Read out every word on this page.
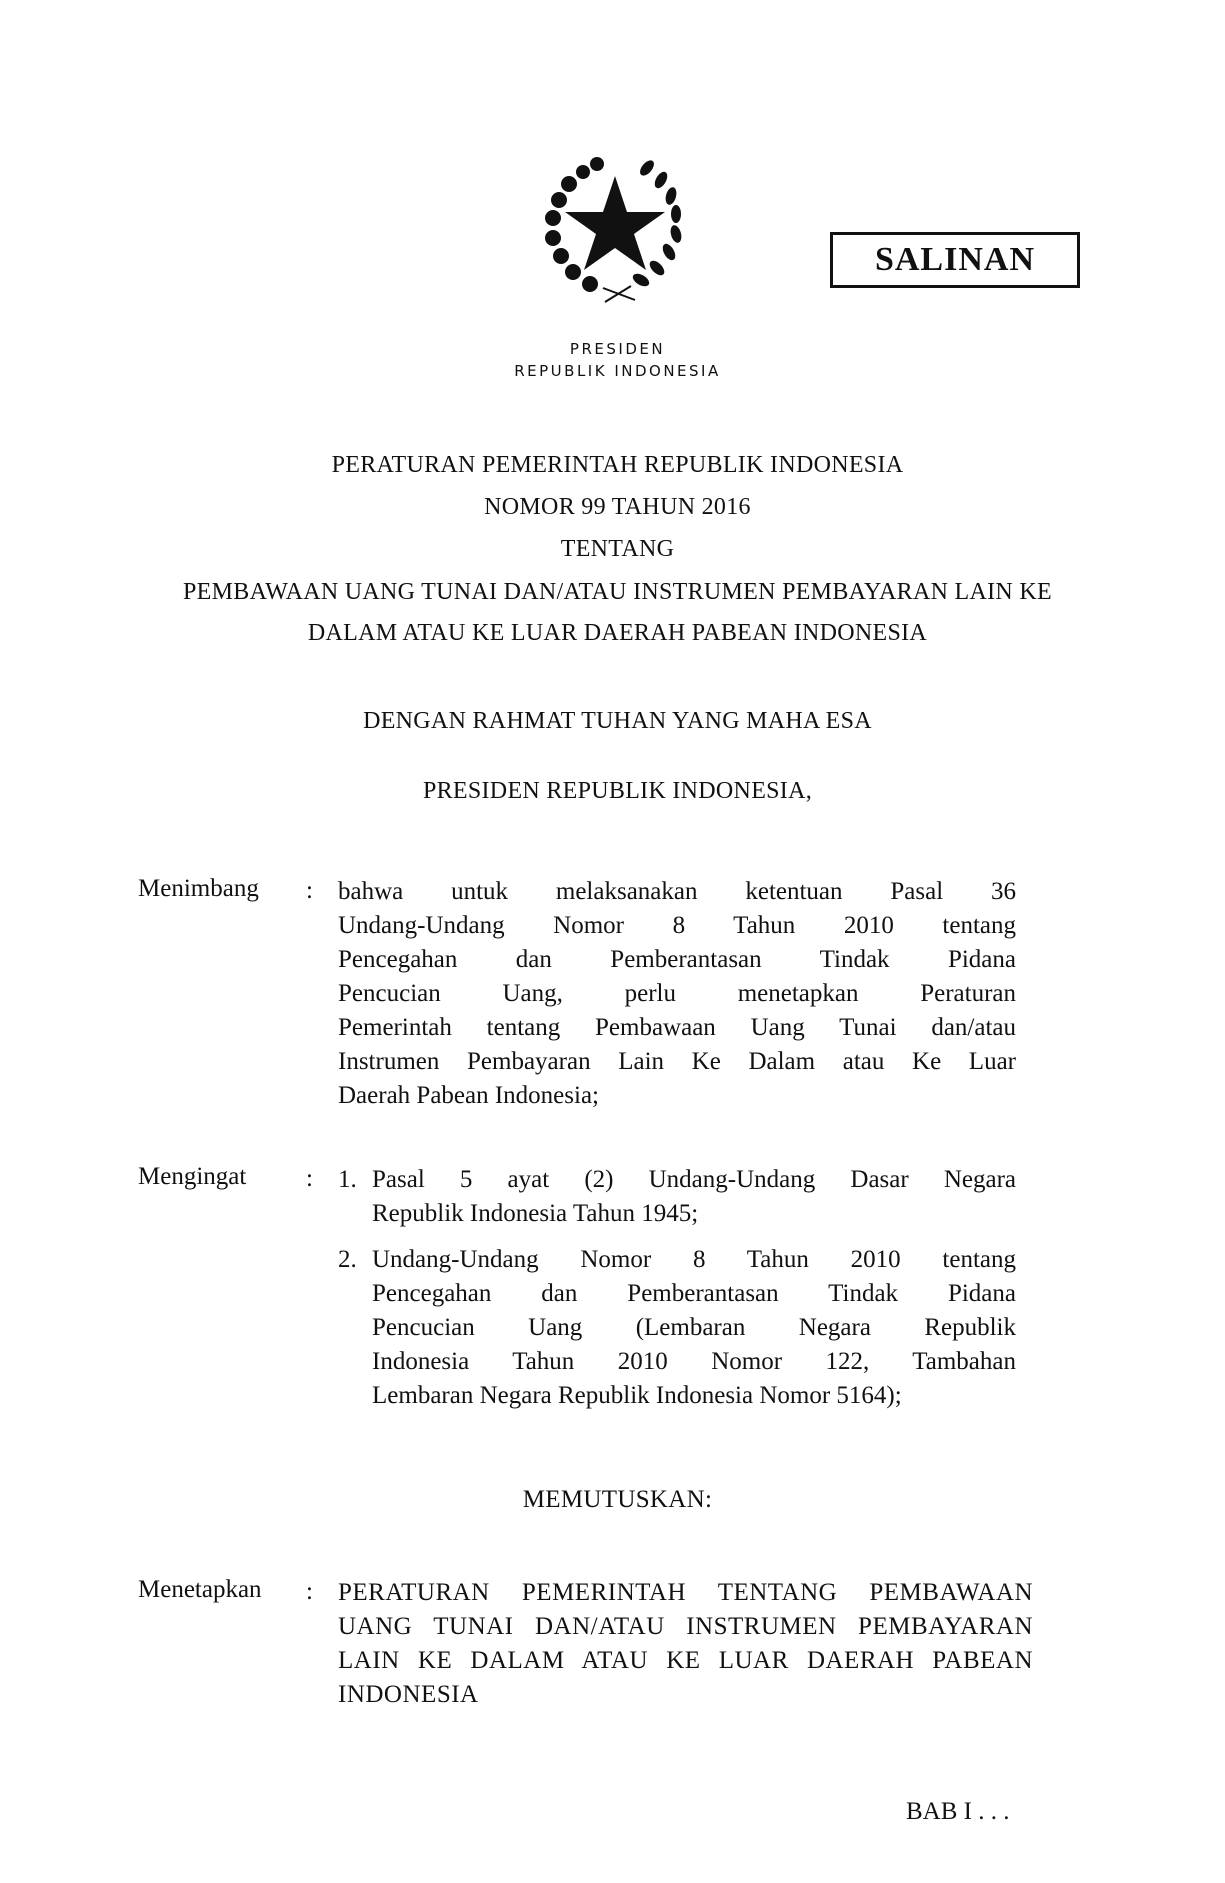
SALINAN
PRESIDEN
REPUBLIK INDONESIA
PERATURAN PEMERINTAH REPUBLIK INDONESIA
NOMOR 99 TAHUN 2016
TENTANG
PEMBAWAAN UANG TUNAI DAN/ATAU INSTRUMEN PEMBAYARAN LAIN KE
DALAM ATAU KE LUAR DAERAH PABEAN INDONESIA
DENGAN RAHMAT TUHAN YANG MAHA ESA
PRESIDEN REPUBLIK INDONESIA,
Menimbang : bahwa untuk melaksanakan ketentuan Pasal 36
Undang-Undang Nomor 8 Tahun 2010 tentang
Pencegahan dan Pemberantasan Tindak Pidana
Pencucian Uang, perlu menetapkan Peraturan
Pemerintah tentang Pembawaan Uang Tunai dan/atau
Instrumen Pembayaran Lain Ke Dalam atau Ke Luar
Daerah Pabean Indonesia;
Mengingat : 1. Pasal 5 ayat (2) Undang-Undang Dasar Negara
Republik Indonesia Tahun 1945;
2. Undang-Undang Nomor 8 Tahun 2010 tentang
Pencegahan dan Pemberantasan Tindak Pidana
Pencucian Uang (Lembaran Negara Republik
Indonesia Tahun 2010 Nomor 122, Tambahan
Lembaran Negara Republik Indonesia Nomor 5164);
MEMUTUSKAN:
Menetapkan : PERATURAN PEMERINTAH TENTANG PEMBAWAAN
UANG TUNAI DAN/ATAU INSTRUMEN PEMBAYARAN
LAIN KE DALAM ATAU KE LUAR DAERAH PABEAN
INDONESIA
BAB I . . .
